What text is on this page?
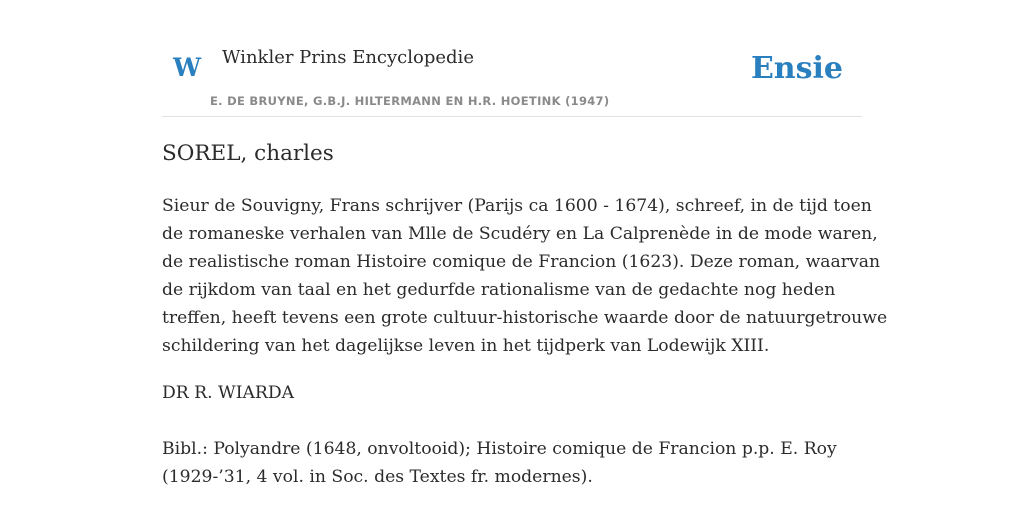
W Winkler Prins Encyclopedie
E. DE BRUYNE, G.B.J. HILTERMANN EN H.R. HOETINK (1947)
Ensie
SOREL, charles

Sieur de Souvigny, Frans schrijver (Parijs ca 1600 - 1674), schreef, in de tijd toen
de romaneske verhalen van Mlle de Scudéry en La Calprenède in de mode waren,
de realistische roman Histoire comique de Francion (1623). Deze roman, waarvan
de rijkdom van taal en het gedurfde rationalisme van de gedachte nog heden
treffen, heeft tevens een grote cultuur-historische waarde door de natuurgetrouwe
schildering van het dagelijkse leven in het tijdperk van Lodewijk XIII.

DR R. WIARDA

Bibl.: Polyandre (1648, onvoltooid); Histoire comique de Francion p.p. E. Roy
(1929-’31, 4 vol. in Soc. des Textes fr. modernes).
